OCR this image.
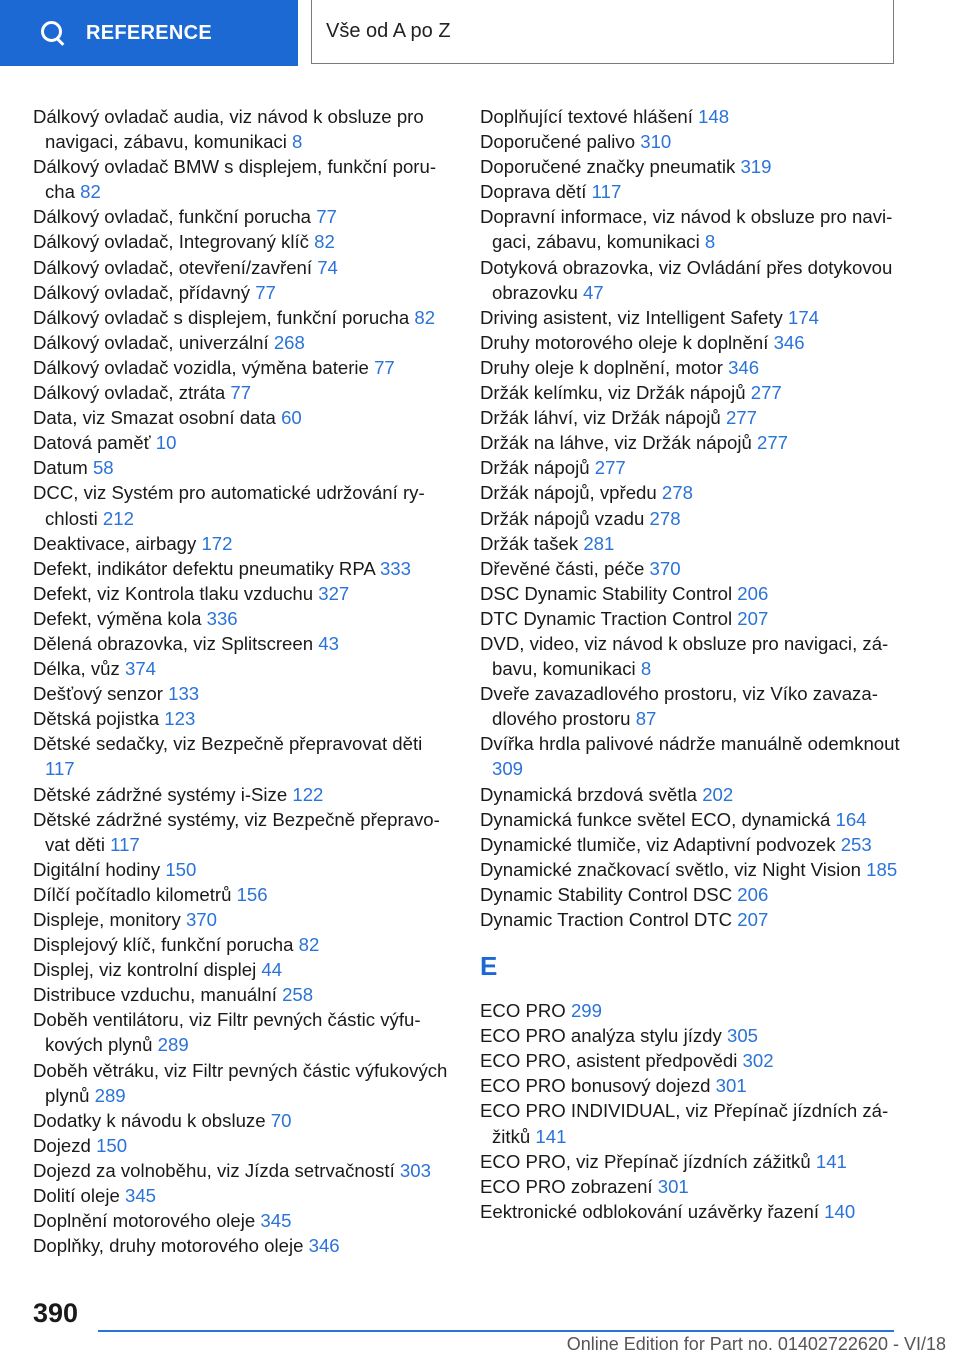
REFERENCE	Vše od A po Z
Dálkový ovladač audia, viz návod k obsluze pro navigaci, zábavu, komunikaci 8
Dálkový ovladač BMW s displejem, funkční porucha 82
Dálkový ovladač, funkční porucha 77
Dálkový ovladač, Integrovaný klíč 82
Dálkový ovladač, otevření/zavření 74
Dálkový ovladač, přídavný 77
Dálkový ovladač s displejem, funkční porucha 82
Dálkový ovladač, univerzální 268
Dálkový ovladač vozidla, výměna baterie 77
Dálkový ovladač, ztráta 77
Data, viz Smazat osobní data 60
Datová paměť 10
Datum 58
DCC, viz Systém pro automatické udržování rychlosti 212
Deaktivace, airbagy 172
Defekt, indikátor defektu pneumatiky RPA 333
Defekt, viz Kontrola tlaku vzduchu 327
Defekt, výměna kola 336
Dělená obrazovka, viz Splitscreen 43
Délka, vůz 374
Dešťový senzor 133
Dětská pojistka 123
Dětské sedačky, viz Bezpečně přepravovat děti 117
Dětské zádržné systémy i-Size 122
Dětské zádržné systémy, viz Bezpečně přepravovat děti 117
Digitální hodiny 150
Dílčí počítadlo kilometrů 156
Displeje, monitory 370
Displejový klíč, funkční porucha 82
Displej, viz kontrolní displej 44
Distribuce vzduchu, manuální 258
Doběh ventilátoru, viz Filtr pevných částic výfukových plynů 289
Doběh větráku, viz Filtr pevných částic výfukových plynů 289
Dodatky k návodu k obsluze 70
Dojezd 150
Dojezd za volnoběhu, viz Jízda setrvačností 303
Dolití oleje 345
Doplnění motorového oleje 345
Doplňky, druhy motorového oleje 346
Doplňující textové hlášení 148
Doporučené palivo 310
Doporučené značky pneumatik 319
Doprava dětí 117
Dopravní informace, viz návod k obsluze pro navigaci, zábavu, komunikaci 8
Dotyková obrazovka, viz Ovládání přes dotykovou obrazovku 47
Driving asistent, viz Intelligent Safety 174
Druhy motorového oleje k doplnění 346
Druhy oleje k doplnění, motor 346
Držák kelímku, viz Držák nápojů 277
Držák láhví, viz Držák nápojů 277
Držák na láhve, viz Držák nápojů 277
Držák nápojů 277
Držák nápojů, vpředu 278
Držák nápojů vzadu 278
Držák tašek 281
Dřevěné části, péče 370
DSC Dynamic Stability Control 206
DTC Dynamic Traction Control 207
DVD, video, viz návod k obsluze pro navigaci, zábavu, komunikaci 8
Dveře zavazadlového prostoru, viz Víko zavazadlového prostoru 87
Dvířka hrdla palivové nádrže manuálně odemknout 309
Dynamická brzdová světla 202
Dynamická funkce světel ECO, dynamická 164
Dynamické tlumiče, viz Adaptivní podvozek 253
Dynamické značkovací světlo, viz Night Vision 185
Dynamic Stability Control DSC 206
Dynamic Traction Control DTC 207
E
ECO PRO 299
ECO PRO analýza stylu jízdy 305
ECO PRO, asistent předpovědi 302
ECO PRO bonusový dojezd 301
ECO PRO INDIVIDUAL, viz Přepínač jízdních zážitků 141
ECO PRO, viz Přepínač jízdních zážitků 141
ECO PRO zobrazení 301
Eektronické odblokování uzávěrky řazení 140
390
Online Edition for Part no. 01402722620 - VI/18
